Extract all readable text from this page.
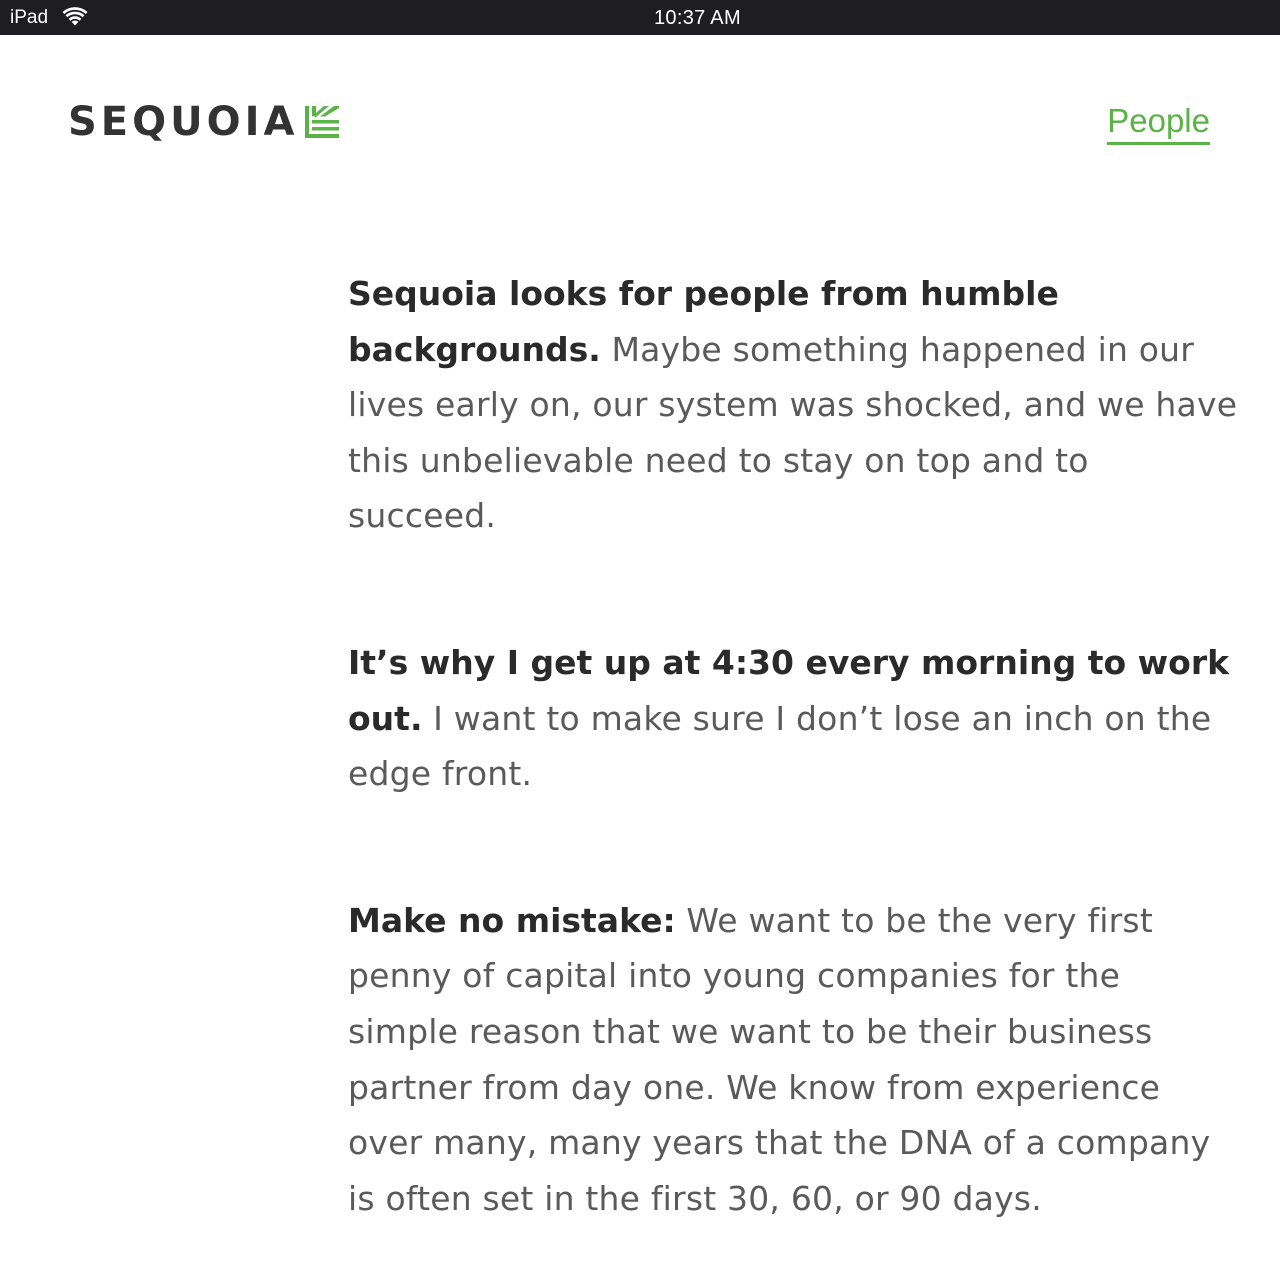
iPad	10:37 AM
SEQUOIA	People

Sequoia looks for people from humble backgrounds. Maybe something happened in our lives early on, our system was shocked, and we have this unbelievable need to stay on top and to succeed.

It’s why I get up at 4:30 every morning to work out. I want to make sure I don’t lose an inch on the edge front.

Make no mistake: We want to be the very first penny of capital into young companies for the simple reason that we want to be their business partner from day one. We know from experience over many, many years that the DNA of a company is often set in the first 30, 60, or 90 days.
